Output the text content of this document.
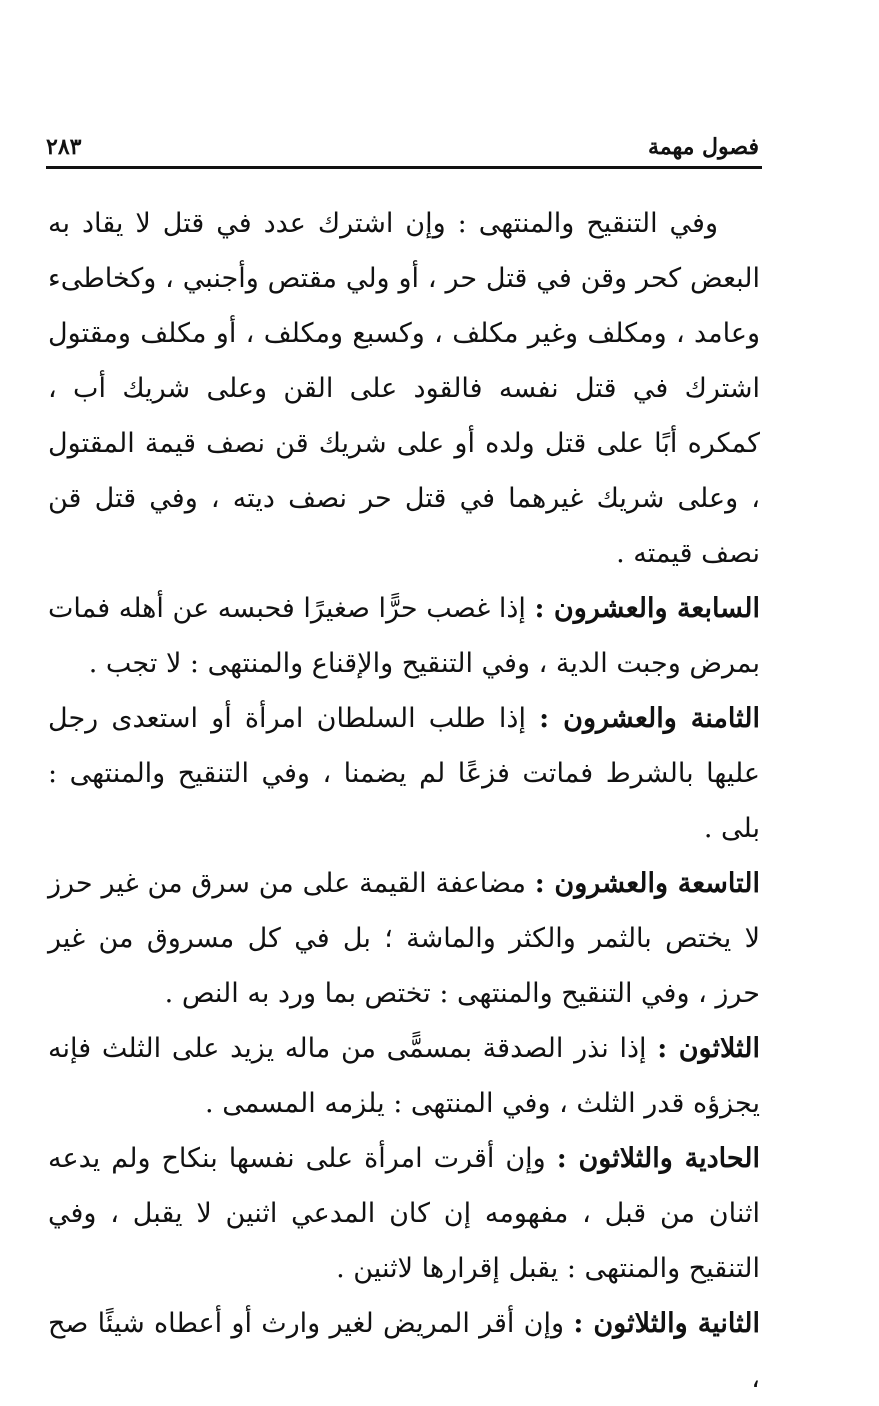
فصول مهمة
٢٨٣

وفي التنقيح والمنتهى : وإن اشترك عدد في قتل لا يقاد به البعض كحر وقن في قتل حر ، أو ولي مقتص وأجنبي ، وكخاطىء وعامد ، ومكلف وغير مكلف ، وكسبع ومكلف ، أو مكلف ومقتول اشترك في قتل نفسه فالقود على القن وعلى شريك أب ، كمكره أبًا على قتل ولده أو على شريك قن نصف قيمة المقتول ، وعلى شريك غيرهما في قتل حر نصف ديته ، وفي قتل قن نصف قيمته .

السابعة والعشرون : إذا غصب حرًّا صغيرًا فحبسه عن أهله فمات بمرض وجبت الدية ، وفي التنقيح والإقناع والمنتهى : لا تجب .

الثامنة والعشرون : إذا طلب السلطان امرأة أو استعدى رجل عليها بالشرط فماتت فزعًا لم يضمنا ، وفي التنقيح والمنتهى : بلى .

التاسعة والعشرون : مضاعفة القيمة على من سرق من غير حرز لا يختص بالثمر والكثر والماشة ؛ بل في كل مسروق من غير حرز ، وفي التنقيح والمنتهى : تختص بما ورد به النص .

الثلاثون : إذا نذر الصدقة بمسمًّى من ماله يزيد على الثلث فإنه يجزؤه قدر الثلث ، وفي المنتهى : يلزمه المسمى .

الحادية والثلاثون : وإن أقرت امرأة على نفسها بنكاح ولم يدعه اثنان من قبل ، مفهومه إن كان المدعي اثنين لا يقبل ، وفي التنقيح والمنتهى : يقبل إقرارها لاثنين .

الثانية والثلاثون : وإن أقر المريض لغير وارث أو أعطاه شيئًا صح ،
